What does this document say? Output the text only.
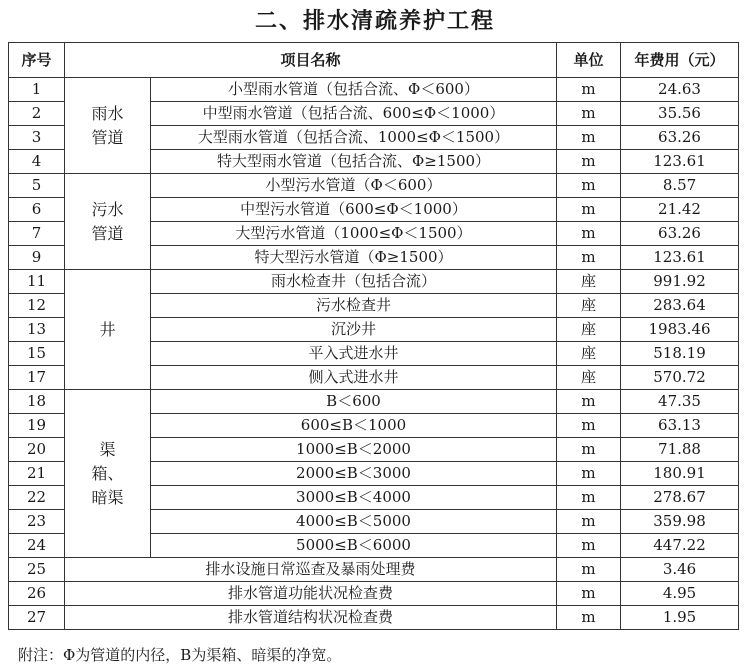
二、排水清疏养护工程
序号	项目名称		单位	年费用（元）
1	雨水管道	小型雨水管道（包括合流、Φ＜600）	m	24.63
2		中型雨水管道（包括合流、600≤Φ＜1000）	m	35.56
3		大型雨水管道（包括合流、1000≤Φ＜1500）	m	63.26
4		特大型雨水管道（包括合流、Φ≥1500）	m	123.61
5	污水管道	小型污水管道（Φ＜600）	m	8.57
6		中型污水管道（600≤Φ＜1000）	m	21.42
7		大型污水管道（1000≤Φ＜1500）	m	63.26
9		特大型污水管道（Φ≥1500）	m	123.61
11	井	雨水检查井（包括合流）	座	991.92
12		污水检查井	座	283.64
13		沉沙井	座	1983.46
15		平入式进水井	座	518.19
17		侧入式进水井	座	570.72
18	渠箱、暗渠	B＜600	m	47.35
19		600≤B＜1000	m	63.13
20		1000≤B＜2000	m	71.88
21		2000≤B＜3000	m	180.91
22		3000≤B＜4000	m	278.67
23		4000≤B＜5000	m	359.98
24		5000≤B＜6000	m	447.22
25	排水设施日常巡查及暴雨处理费		m	3.46
26	排水管道功能状况检查费		m	4.95
27	排水管道结构状况检查费		m	1.95
附注：Φ为管道的内径，B为渠箱、暗渠的净宽。
